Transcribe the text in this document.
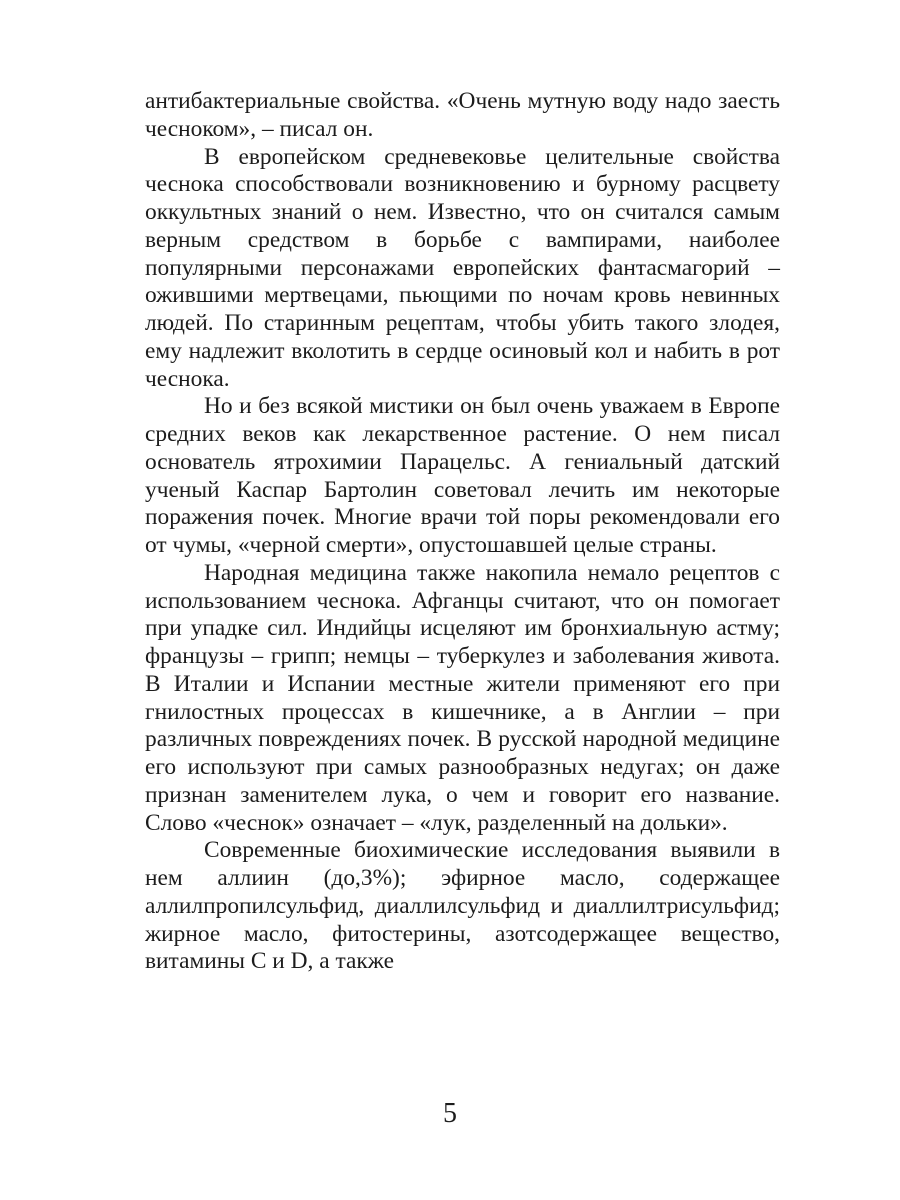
антибактериальные свойства. «Очень мутную воду надо заесть чесноком», – писал он.

В европейском средневековье целительные свойства чеснока способствовали возникновению и бурному расцвету оккультных знаний о нем. Известно, что он считался самым верным средством в борьбе с вампирами, наиболее популярными персонажами европейских фантасмагорий – ожившими мертвецами, пьющими по ночам кровь невинных людей. По старинным рецептам, чтобы убить такого злодея, ему надлежит вколотить в сердце осиновый кол и набить в рот чеснока.

Но и без всякой мистики он был очень уважаем в Европе средних веков как лекарственное растение. О нем писал основатель ятрохимии Парацельс. А гениальный датский ученый Каспар Бартолин советовал лечить им некоторые поражения почек. Многие врачи той поры рекомендовали его от чумы, «черной смерти», опустошавшей целые страны.

Народная медицина также накопила немало рецептов с использованием чеснока. Афганцы считают, что он помогает при упадке сил. Индийцы исцеляют им бронхиальную астму; французы – грипп; немцы – туберкулез и заболевания живота. В Италии и Испании местные жители применяют его при гнилостных процессах в кишечнике, а в Англии – при различных повреждениях почек. В русской народной медицине его используют при самых разнообразных недугах; он даже признан заменителем лука, о чем и говорит его название. Слово «чеснок» означает – «лук, разделенный на дольки».

Современные биохимические исследования выявили в нем аллиин (до,3%); эфирное масло, содержащее аллилпропилсульфид, диаллилсульфид и диаллилтрисульфид; жирное масло, фитостерины, азотсодержащее вещество, витамины С и D, а также

5
